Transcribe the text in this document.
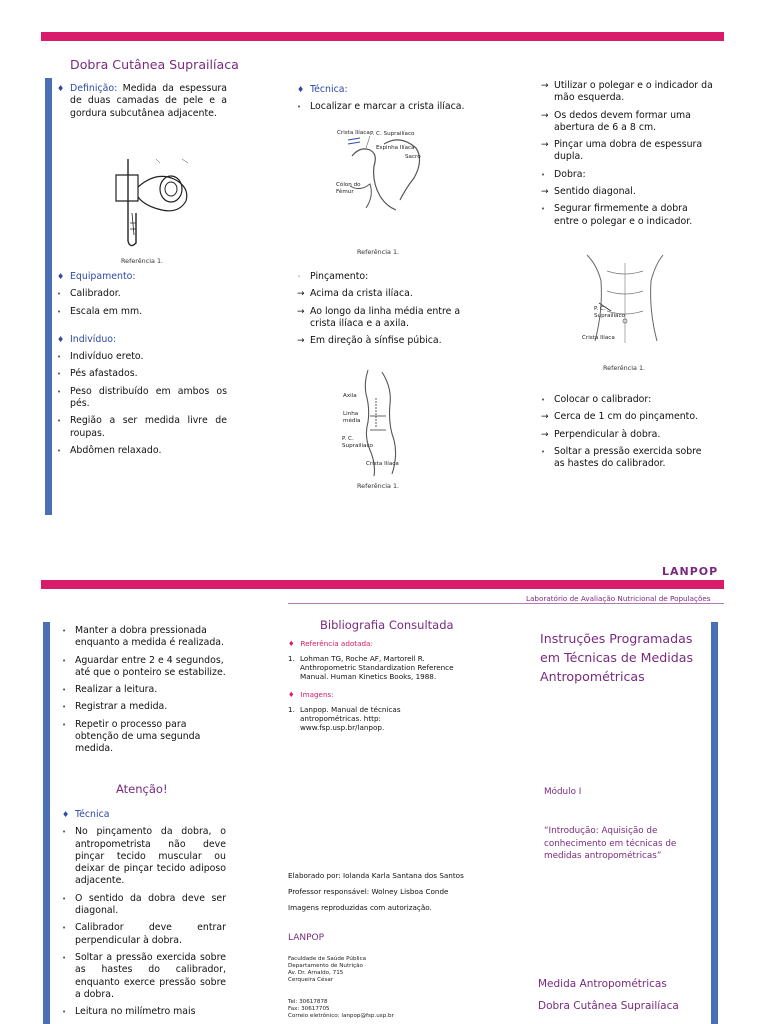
Dobra Cutânea Suprailíaca
♦ Definição: Medida da espessura de duas camadas de pele e a gordura subcutânea adjacente.
Referência 1.
♦ Equipamento:
• Calibrador.
• Escala em mm.
♦ Indivíduo:
• Indivíduo ereto.
• Pés afastados.
• Peso distribuído em ambos os pés.
• Região a ser medida livre de roupas.
• Abdômen relaxado.
♦ Técnica:
• Localizar e marcar a crista ilíaca.
Crista Ilíaca P. C. Suprailíaco
Espinha Ilíaca
Sacro
Cólon do Fêmur
Referência 1.
◦ Pinçamento:
→ Acima da crista ilíaca.
→ Ao longo da linha média entre a crista ilíaca e a axila.
→ Em direção à sínfise púbica.
Axila
Linha média
P. C. Suprailíaco
Crista Ilíaca
Referência 1.
→ Utilizar o polegar e o indicador da mão esquerda.
→ Os dedos devem formar uma abertura de 6 a 8 cm.
→ Pinçar uma dobra de espessura dupla.
• Dobra:
→ Sentido diagonal.
• Segurar firmemente a dobra entre o polegar e o indicador.
P. C. Suprailíaco
Crista Ilíaca
Referência 1.
• Colocar o calibrador:
→ Cerca de 1 cm do pinçamento.
→ Perpendicular à dobra.
• Soltar a pressão exercida sobre as hastes do calibrador.
LANPOP
Laboratório de Avaliação Nutricional de Populações
• Manter a dobra pressionada enquanto a medida é realizada.
• Aguardar entre 2 e 4 segundos, até que o ponteiro se estabilize.
• Realizar a leitura.
• Registrar a medida.
• Repetir o processo para obtenção de uma segunda medida.
Atenção!
♦ Técnica
• No pinçamento da dobra, o antropometrista não deve pinçar tecido muscular ou deixar de pinçar tecido adiposo adjacente.
• O sentido da dobra deve ser diagonal.
• Calibrador deve entrar perpendicular à dobra.
• Soltar a pressão exercida sobre as hastes do calibrador, enquanto exerce pressão sobre a dobra.
• Leitura no milímetro mais
Bibliografia Consultada
♦ Referência adotada:
1. Lohman TG, Roche AF, Martorell R. Anthropometric Standardization Reference Manual. Human Kinetics Books, 1988.
♦ Imagens:
1. Lanpop. Manual de técnicas antropométricas. http: www.fsp.usp.br/lanpop.
Elaborado por: Iolanda Karla Santana dos Santos
Professor responsável: Wolney Lisboa Conde
Imagens reproduzidas com autorização.
LANPOP
Faculdade de Saúde Pública
Departamento de Nutrição
Av. Dr. Arnaldo, 715
Cerqueira César
Tel: 30617878
Fax: 30617705
Correio eletrônico: lanpop@fsp.usp.br
Instruções Programadas em Técnicas de Medidas Antropométricas
Módulo I
“Introdução: Aquisição de conhecimento em técnicas de medidas antropométricas”
Medida Antropométricas
Dobra Cutânea Suprailíaca
